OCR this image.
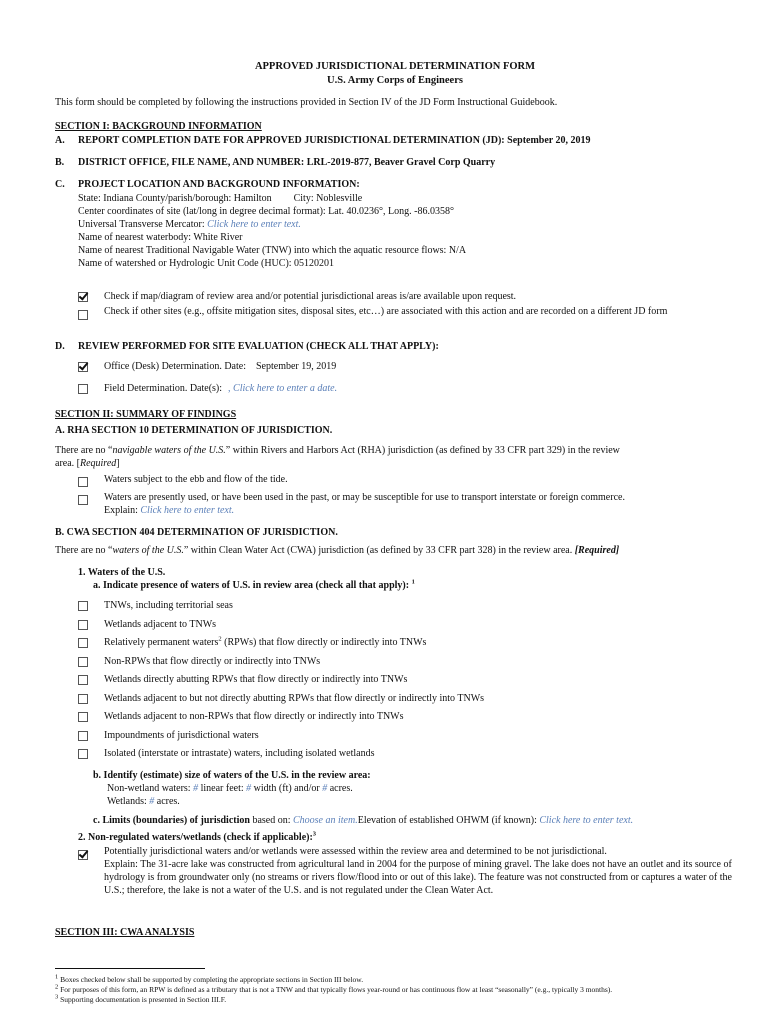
APPROVED JURISDICTIONAL DETERMINATION FORM
U.S. Army Corps of Engineers
This form should be completed by following the instructions provided in Section IV of the JD Form Instructional Guidebook.
SECTION I: BACKGROUND INFORMATION
A.	REPORT COMPLETION DATE FOR APPROVED JURISDICTIONAL DETERMINATION (JD): September 20, 2019
B.	DISTRICT OFFICE, FILE NAME, AND NUMBER: LRL-2019-877, Beaver Gravel Corp Quarry
C.	PROJECT LOCATION AND BACKGROUND INFORMATION:
State: Indiana County/parish/borough: Hamilton City: Noblesville
Center coordinates of site (lat/long in degree decimal format): Lat. 40.0236°, Long. -86.0358°
Universal Transverse Mercator: Click here to enter text.
Name of nearest waterbody: White River
Name of nearest Traditional Navigable Water (TNW) into which the aquatic resource flows: N/A
Name of watershed or Hydrologic Unit Code (HUC): 05120201
Check if map/diagram of review area and/or potential jurisdictional areas is/are available upon request.
Check if other sites (e.g., offsite mitigation sites, disposal sites, etc…) are associated with this action and are recorded on a different JD form
D.	REVIEW PERFORMED FOR SITE EVALUATION (CHECK ALL THAT APPLY):
Office (Desk) Determination. Date: September 19, 2019
Field Determination. Date(s): , Click here to enter a date.
SECTION II: SUMMARY OF FINDINGS
A. RHA SECTION 10 DETERMINATION OF JURISDICTION.
There are no “navigable waters of the U.S.” within Rivers and Harbors Act (RHA) jurisdiction (as defined by 33 CFR part 329) in the review
area. [Required]
Waters subject to the ebb and flow of the tide.
Waters are presently used, or have been used in the past, or may be susceptible for use to transport interstate or foreign commerce.
Explain: Click here to enter text.
B. CWA SECTION 404 DETERMINATION OF JURISDICTION.
There are no “waters of the U.S.” within Clean Water Act (CWA) jurisdiction (as defined by 33 CFR part 328) in the review area. [Required]
1. Waters of the U.S.
a. Indicate presence of waters of U.S. in review area (check all that apply): $^1$
TNWs, including territorial seas
Wetlands adjacent to TNWs
Relatively permanent waters$^2$ (RPWs) that flow directly or indirectly into TNWs
Non-RPWs that flow directly or indirectly into TNWs
Wetlands directly abutting RPWs that flow directly or indirectly into TNWs
Wetlands adjacent to but not directly abutting RPWs that flow directly or indirectly into TNWs
Wetlands adjacent to non-RPWs that flow directly or indirectly into TNWs
Impoundments of jurisdictional waters
Isolated (interstate or intrastate) waters, including isolated wetlands
b. Identify (estimate) size of waters of the U.S. in the review area:
Non-wetland waters: # linear feet: # width (ft) and/or # acres.
Wetlands: # acres.
c. Limits (boundaries) of jurisdiction based on: Choose an item.Elevation of established OHWM (if known): Click here to enter text.
2. Non-regulated waters/wetlands (check if applicable):$^3$
Potentially jurisdictional waters and/or wetlands were assessed within the review area and determined to be not jurisdictional.
Explain: The 31-acre lake was constructed from agricultural land in 2004 for the purpose of mining gravel. The lake does not have an outlet and its source of hydrology is from groundwater only (no streams or rivers flow/flood into or out of this lake). The feature was not constructed from or captures a water of the U.S.; therefore, the lake is not a water of the U.S. and is not regulated under the Clean Water Act.
SECTION III: CWA ANALYSIS
$^1$ Boxes checked below shall be supported by completing the appropriate sections in Section III below.
$^2$ For purposes of this form, an RPW is defined as a tributary that is not a TNW and that typically flows year-round or has continuous flow at least “seasonally” (e.g., typically 3 months).
$^3$ Supporting documentation is presented in Section III.F.
